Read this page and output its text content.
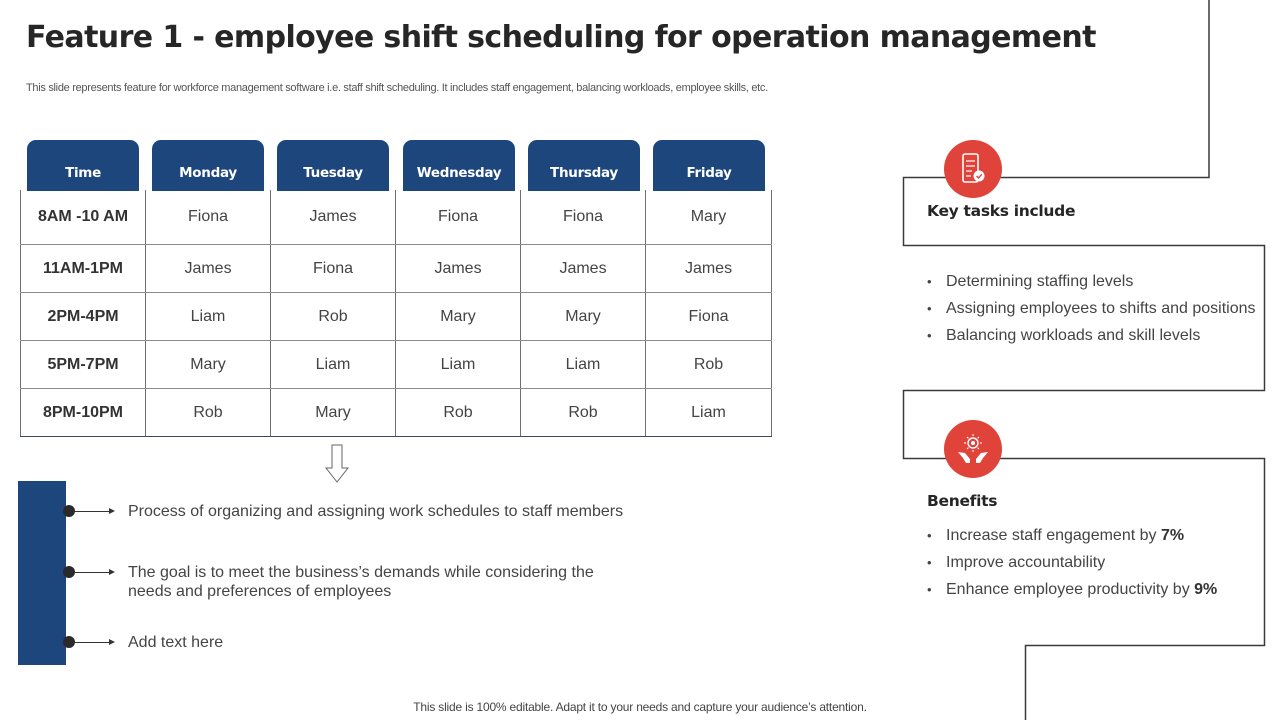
Feature 1 - employee shift scheduling for operation management
This slide represents feature for workforce management software i.e. staff shift scheduling. It includes staff engagement, balancing workloads, employee skills, etc.
Time	Monday	Tuesday	Wednesday	Thursday	Friday
8AM -10 AM	Fiona	James	Fiona	Fiona	Mary
11AM-1PM	James	Fiona	James	James	James
2PM-4PM	Liam	Rob	Mary	Mary	Fiona
5PM-7PM	Mary	Liam	Liam	Liam	Rob
8PM-10PM	Rob	Mary	Rob	Rob	Liam
Process of organizing and assigning work schedules to staff members
The goal is to meet the business’s demands while considering the needs and preferences of employees
Add text here
Key tasks include
• Determining staffing levels
• Assigning employees to shifts and positions
• Balancing workloads and skill levels
Benefits
• Increase staff engagement by 7%
• Improve accountability
• Enhance employee productivity by 9%
This slide is 100% editable. Adapt it to your needs and capture your audience’s attention.
